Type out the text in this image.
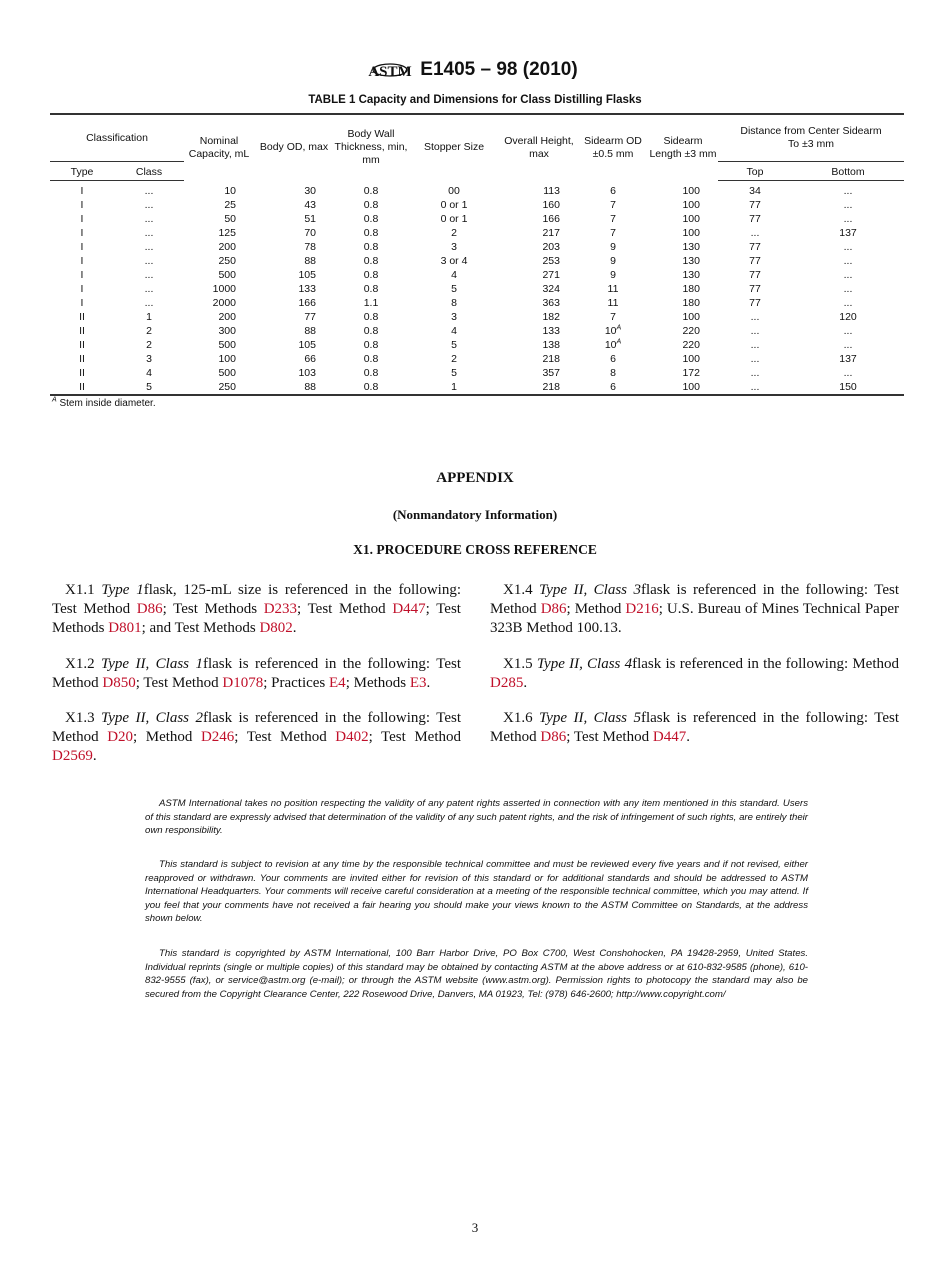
ASTM E1405 – 98 (2010)
TABLE 1 Capacity and Dimensions for Class Distilling Flasks
Classification		Nominal Capacity, mL	Body OD, max	Body Wall Thickness, min, mm	Stopper Size	Overall Height, max	Sidearm OD ±0.5 mm	Sidearm Length ±3 mm	Distance from Center Sidearm To ±3 mm	
Type	Class								Top	Bottom
I	...	10	30	0.8	00	113	6	100	34	...
I	...	25	43	0.8	0 or 1	160	7	100	77	...
I	...	50	51	0.8	0 or 1	166	7	100	77	...
I	...	125	70	0.8	2	217	7	100	...	137
I	...	200	78	0.8	3	203	9	130	77	...
I	...	250	88	0.8	3 or 4	253	9	130	77	...
I	...	500	105	0.8	4	271	9	130	77	...
I	...	1000	133	0.8	5	324	11	180	77	...
I	...	2000	166	1.1	8	363	11	180	77	...
II	1	200	77	0.8	3	182	7	100	...	120
II	2	300	88	0.8	4	133	$10^A$	220	...	...
II	2	500	105	0.8	5	138	$10^A$	220	...	...
II	3	100	66	0.8	2	218	6	100	...	137
II	4	500	103	0.8	5	357	8	172	...	...
II	5	250	88	0.8	1	218	6	100	...	150
$^A$ Stem inside diameter.
APPENDIX
(Nonmandatory Information)
X1. PROCEDURE CROSS REFERENCE

X1.1 Type 1flask, 125-mL size is referenced in the following: Test Method D86; Test Methods D233; Test Method D447; Test Methods D801; and Test Methods D802.

X1.2 Type II, Class 1flask is referenced in the following: Test Method D850; Test Method D1078; Practices E4; Methods E3.

X1.3 Type II, Class 2flask is referenced in the following: Test Method D20; Method D246; Test Method D402; Test Method D2569.

X1.4 Type II, Class 3flask is referenced in the following: Test Method D86; Method D216; U.S. Bureau of Mines Technical Paper 323B Method 100.13.

X1.5 Type II, Class 4flask is referenced in the following: Method D285.

X1.6 Type II, Class 5flask is referenced in the following: Test Method D86; Test Method D447.

ASTM International takes no position respecting the validity of any patent rights asserted in connection with any item mentioned in this standard. Users of this standard are expressly advised that determination of the validity of any such patent rights, and the risk of infringement of such rights, are entirely their own responsibility.

This standard is subject to revision at any time by the responsible technical committee and must be reviewed every five years and if not revised, either reapproved or withdrawn. Your comments are invited either for revision of this standard or for additional standards and should be addressed to ASTM International Headquarters. Your comments will receive careful consideration at a meeting of the responsible technical committee, which you may attend. If you feel that your comments have not received a fair hearing you should make your views known to the ASTM Committee on Standards, at the address shown below.

This standard is copyrighted by ASTM International, 100 Barr Harbor Drive, PO Box C700, West Conshohocken, PA 19428-2959, United States. Individual reprints (single or multiple copies) of this standard may be obtained by contacting ASTM at the above address or at 610-832-9585 (phone), 610-832-9555 (fax), or service@astm.org (e-mail); or through the ASTM website (www.astm.org). Permission rights to photocopy the standard may also be secured from the Copyright Clearance Center, 222 Rosewood Drive, Danvers, MA 01923, Tel: (978) 646-2600; http://www.copyright.com/

3
